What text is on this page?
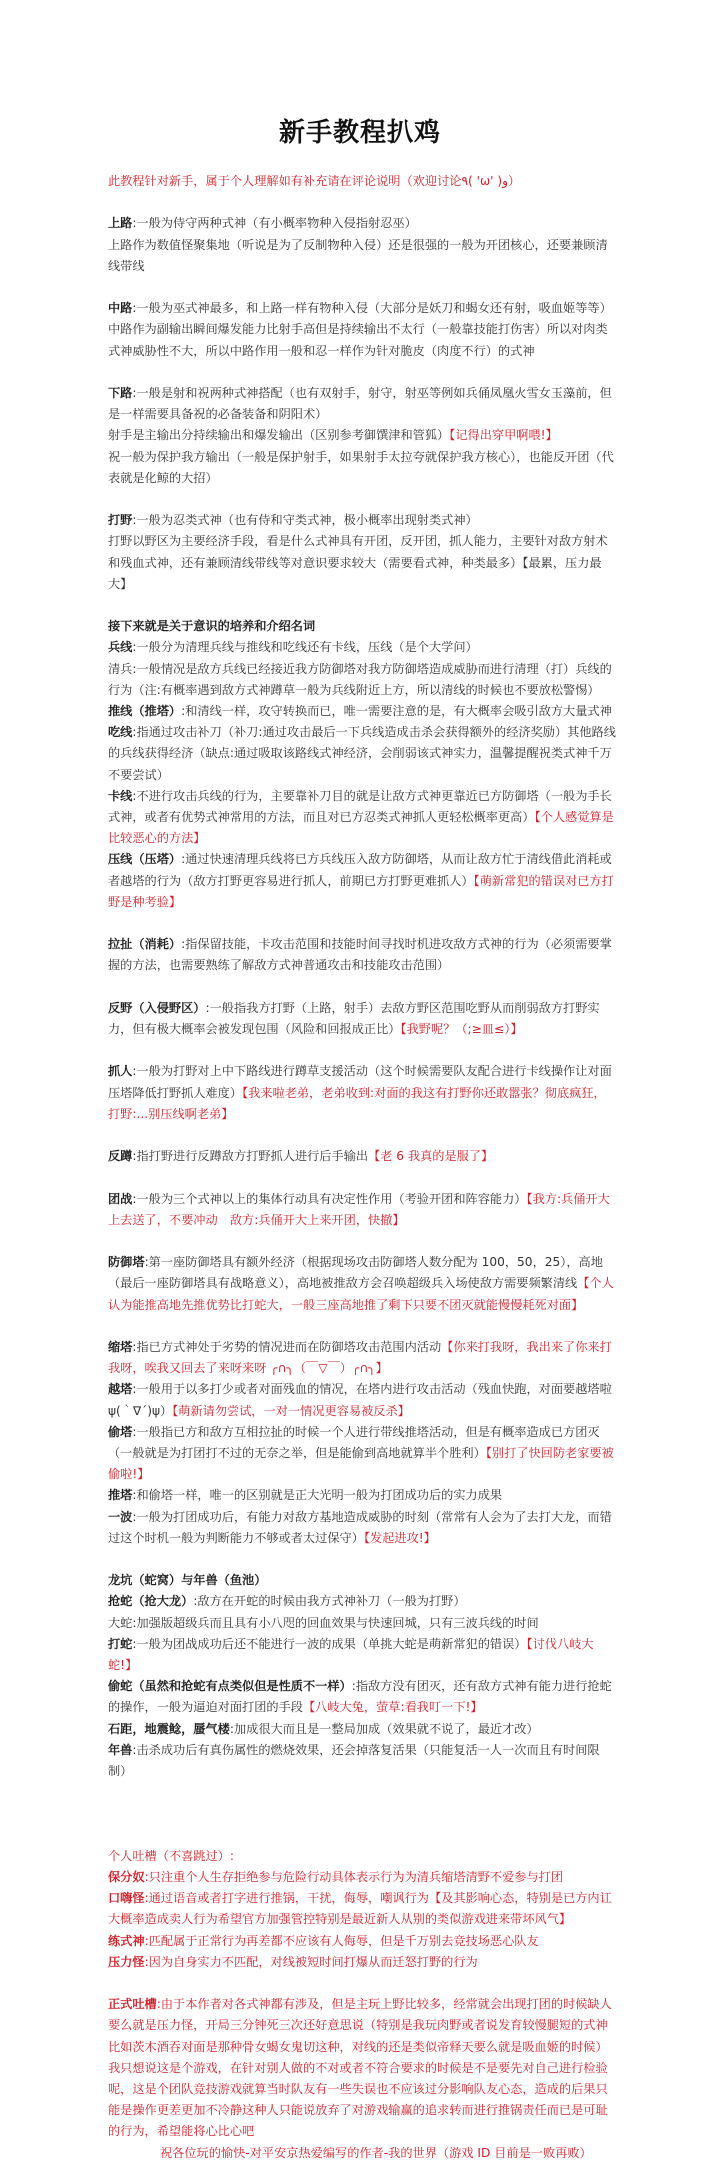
新手教程扒鸡

此教程针对新手，属于个人理解如有补充请在评论说明（欢迎讨论٩( 'ω' )و）

上路:一般为侍守两种式神（有小概率物种入侵指射忍巫）

上路作为数值怪聚集地（听说是为了反制物种入侵）还是很强的一般为开团核心，还要兼顾清线带线

中路:一般为巫式神最多，和上路一样有物种入侵（大部分是妖刀和蝎女还有射，吸血姬等等）

中路作为副输出瞬间爆发能力比射手高但是持续输出不太行（一般靠技能打伤害）所以对肉类式神威胁性不大，所以中路作用一般和忍一样作为针对脆皮（肉度不行）的式神

下路:一般是射和祝两种式神搭配（也有双射手，射守，射巫等例如兵俑凤凰火雪女玉藻前，但是一样需要具备祝的必备装备和阴阳术）

射手是主输出分持续输出和爆发输出（区别参考御馔津和管狐）【记得出穿甲啊喂!】

祝一般为保护我方输出（一般是保护射手，如果射手太拉夸就保护我方核心），也能反开团（代表就是化鲸的大招）

打野:一般为忍类式神（也有侍和守类式神，极小概率出现射类式神）

打野以野区为主要经济手段，看是什么式神具有开团，反开团，抓人能力，主要针对敌方射术和残血式神，还有兼顾清线带线等对意识要求较大（需要看式神，种类最多）【最累，压力最大】

接下来就是关于意识的培养和介绍名词

兵线:一般分为清理兵线与推线和吃线还有卡线，压线（是个大学问）

清兵:一般情况是敌方兵线已经接近我方防御塔对我方防御塔造成威胁而进行清理（打）兵线的行为（注:有概率遇到敌方式神蹲草一般为兵线附近上方，所以清线的时候也不要放松警惕）

推线（推塔）:和清线一样，攻守转换而已，唯一需要注意的是，有大概率会吸引敌方大量式神

吃线:指通过攻击补刀（补刀:通过攻击最后一下兵线造成击杀会获得额外的经济奖励）其他路线的兵线获得经济（缺点:通过吸取该路线式神经济，会削弱该式神实力，温馨提醒祝类式神千万不要尝试）

卡线:不进行攻击兵线的行为，主要靠补刀目的就是让敌方式神更靠近已方防御塔（一般为手长式神，或者有优势式神常用的方法，而且对已方忍类式神抓人更轻松概率更高）【个人感觉算是比较恶心的方法】

压线（压塔）:通过快速清理兵线将已方兵线压入敌方防御塔，从而让敌方忙于清线借此消耗或者越塔的行为（敌方打野更容易进行抓人，前期已方打野更难抓人）【萌新常犯的错误对已方打野是种考验】

拉扯（消耗）:指保留技能，卡攻击范围和技能时间寻找时机进攻敌方式神的行为（必须需要掌握的方法，也需要熟练了解敌方式神普通攻击和技能攻击范围）

反野（入侵野区）:一般指我方打野（上路，射手）去敌方野区范围吃野从而削弱敌方打野实力，但有极大概率会被发现包围（风险和回报成正比）【我野呢？（;≥皿≤）】

抓人:一般为打野对上中下路线进行蹲草支援活动（这个时候需要队友配合进行卡线操作让对面压塔降低打野抓人难度）【我来啦老弟，老弟收到:对面的我这有打野你还敢嚣张？彻底疯狂，打野:...别压线啊老弟】

反蹲:指打野进行反蹲敌方打野抓人进行后手输出【老 6 我真的是服了】

团战:一般为三个式神以上的集体行动具有决定性作用（考验开团和阵容能力）【我方:兵俑开大上去送了，不要冲动　敌方:兵俑开大上来开团，快撤】

防御塔:第一座防御塔具有额外经济（根据现场攻击防御塔人数分配为 100，50，25），高地（最后一座防御塔具有战略意义），高地被推敌方会召唤超级兵入场使敌方需要频繁清线【个人认为能推高地先推优势比打蛇大，一般三座高地推了剩下只要不团灭就能慢慢耗死对面】

缩塔:指已方式神处于劣势的情况进而在防御塔攻击范围内活动【你来打我呀，我出来了你来打我呀，唉我又回去了来呀来呀 ╭∩╮（￣▽￣）╭∩╮】

越塔:一般用于以多打少或者对面残血的情况，在塔内进行攻击活动（残血快跑，对面要越塔啦ψ(｀∇´)ψ）【萌新请勿尝试，一对一情况更容易被反杀】

偷塔:一般指已方和敌方互相拉扯的时候一个人进行带线推塔活动，但是有概率造成已方团灭（一般就是为打团打不过的无奈之举，但是能偷到高地就算半个胜利）【别打了快回防老家要被偷啦!】

推塔:和偷塔一样，唯一的区别就是正大光明一般为打团成功后的实力成果

一波:一般为打团成功后，有能力对敌方基地造成威胁的时刻（常常有人会为了去打大龙，而错过这个时机一般为判断能力不够或者太过保守）【发起进攻!】

龙坑（蛇窝）与年兽（鱼池）

抢蛇（抢大龙）:敌方在开蛇的时候由我方式神补刀（一般为打野）

大蛇:加强版超级兵而且具有小八咫的回血效果与快速回城，只有三波兵线的时间

打蛇:一般为团战成功后还不能进行一波的成果（单挑大蛇是萌新常犯的错误）【讨伐八岐大蛇!】

偷蛇（虽然和抢蛇有点类似但是性质不一样）:指敌方没有团灭，还有敌方式神有能力进行抢蛇的操作，一般为逼迫对面打团的手段【八岐大兔，萤草:看我叮一下!】

石距，地震鲶，蜃气楼:加成很大而且是一整局加成（效果就不说了，最近才改）

年兽:击杀成功后有真伤属性的燃烧效果，还会掉落复活果（只能复活一人一次而且有时间限制）

个人吐槽（不喜跳过）:

保分奴:只注重个人生存拒绝参与危险行动具体表示行为为清兵缩塔清野不爱参与打团

口嗨怪:通过语音或者打字进行推锅，干扰，侮辱，嘲讽行为【及其影响心态，特别是已方内讧大概率造成卖人行为希望官方加强管控特别是最近新人从别的类似游戏进来带坏风气】

练式神:匹配属于正常行为再差都不应该有人侮辱，但是千万别去竞技场恶心队友

压力怪:因为自身实力不匹配，对线被短时间打爆从而迁怒打野的行为

正式吐槽:由于本作者对各式神都有涉及，但是主玩上野比较多，经常就会出现打团的时候缺人要么就是压力怪，开局三分钟死三次还好意思说（特别是我玩肉野或者说发育较慢腿短的式神比如茨木酒吞对面是那种骨女蝎女鬼切这种，对线的还是类似帝释天要么就是吸血姬的时候）

我只想说这是个游戏，在针对别人做的不对或者不符合要求的时候是不是要先对自己进行检验呢，这是个团队竞技游戏就算当时队友有一些失误也不应该过分影响队友心态，造成的后果只能是操作更差更加不冷静这种人只能说放弃了对游戏输赢的追求转而进行推锅责任而已是可耻的行为，希望能将心比心吧

祝各位玩的愉快-对平安京热爱编写的作者-我的世界（游戏 ID 目前是一败再败）
